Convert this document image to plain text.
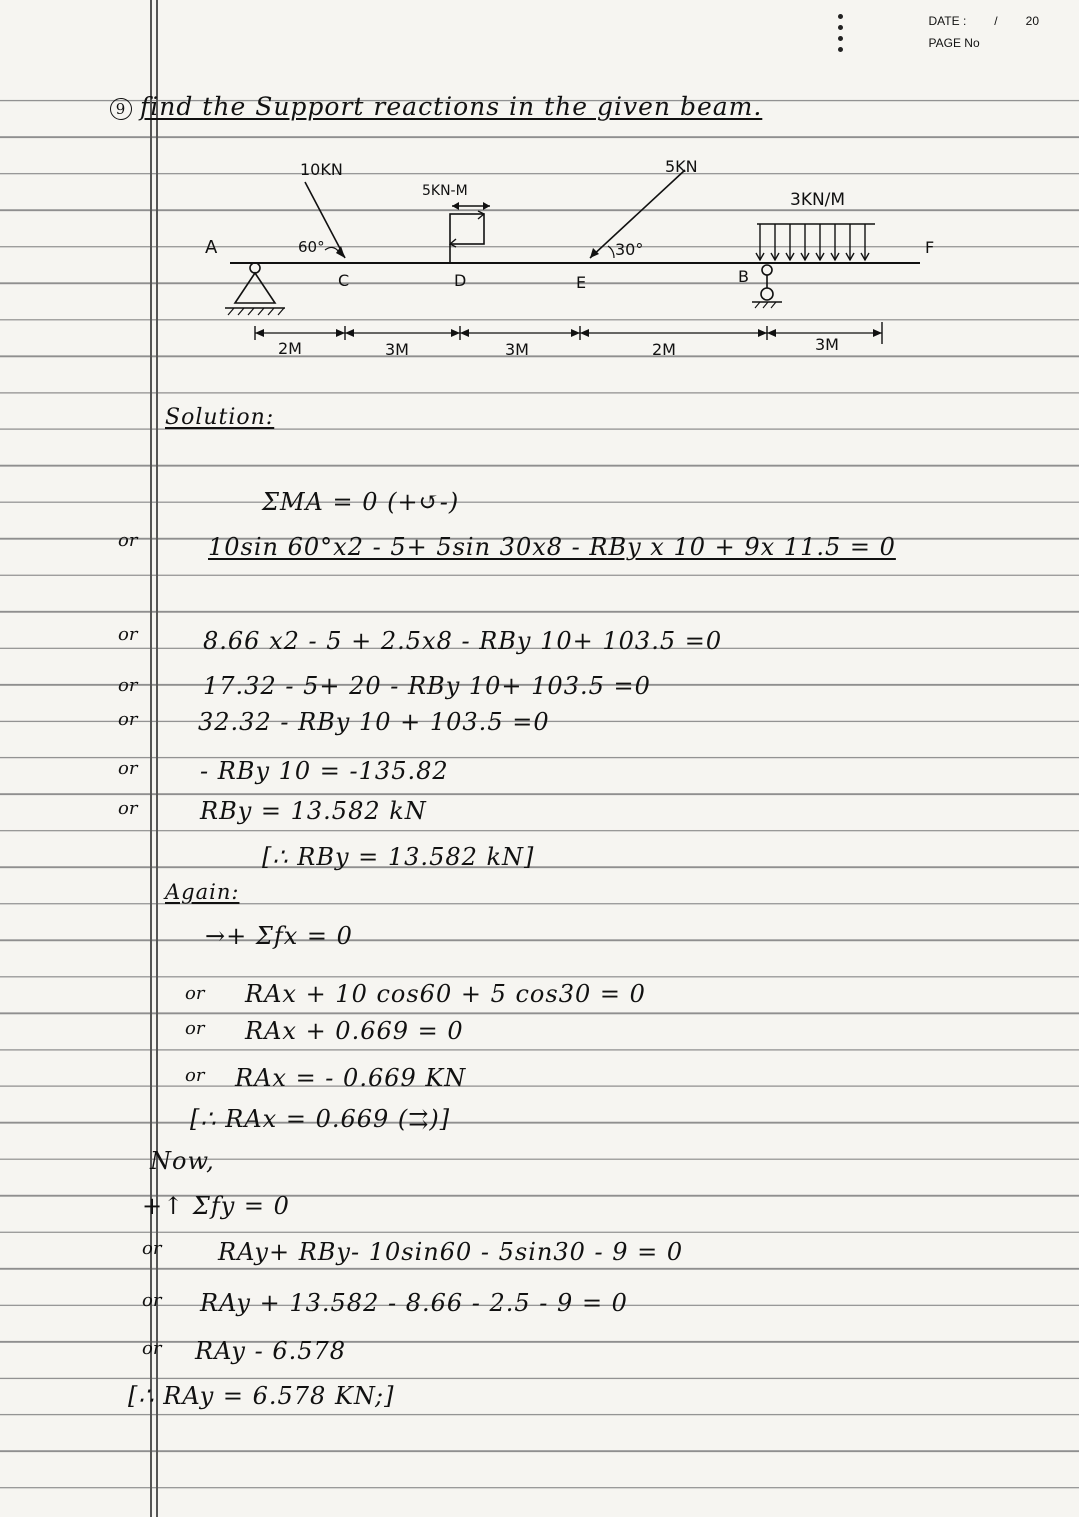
DATE : / 20
PAGE No
9 find the Support reactions in the given beam.
A
10KN
60°
C
5KN-M
D
5KN
30°
E
3KN/M
B
F
2M	3M	3M	2M	3M
Solution:
ΣMA = 0 (+↺-)
or	10sin 60°x2 - 5+ 5sin 30x8 - RBy x 10 + 9x 11.5 = 0
or	8.66 x2 - 5 + 2.5x8 - RBy 10+ 103.5 =0
or	17.32 - 5+ 20 - RBy 10+ 103.5 =0
or	32.32 - RBy 10 + 103.5 =0
or	- RBy 10 = -135.82
or	RBy = 13.582 kN
[∴ RBy = 13.582 kN]
Again:
→+ Σfx = 0
or RAx + 10 cos60 + 5 cos30 = 0
or RAx + 0.669 = 0
or RAx = - 0.669 KN
[∴ RAx = 0.669 (⇉)]
Now,
+↑ Σfy = 0
or RAy+ RBy- 10sin60 - 5sin30 - 9 = 0
or RAy + 13.582 - 8.66 - 2.5 - 9 = 0
or RAy - 6.578
[∴ RAy = 6.578 KN;]
